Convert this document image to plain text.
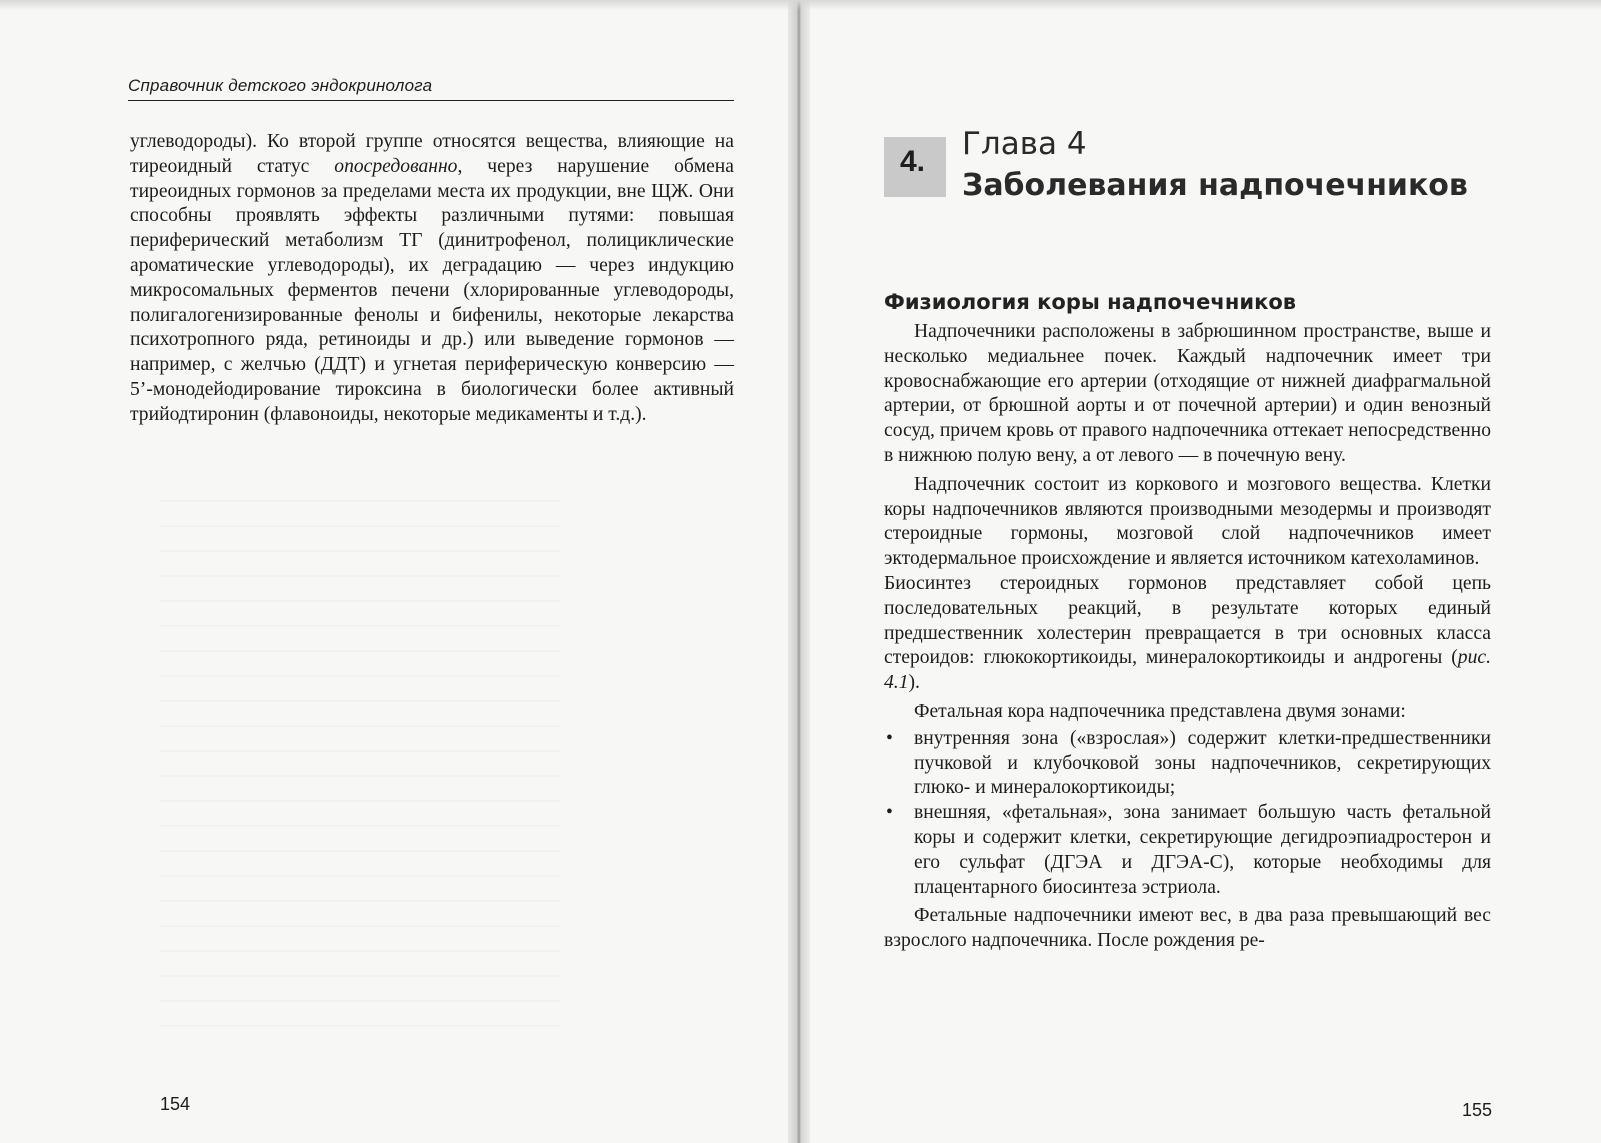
Справочник детского эндокринолога

углеводороды). Ко второй группе относятся вещества, влияющие на тиреоидный статус опосредованно, через нарушение обмена тиреоидных гормонов за пределами места их продукции, вне ЩЖ. Они способны проявлять эффекты различными путями: повышая периферический метаболизм ТГ (динитрофенол, полициклические ароматические углеводороды), их деградацию — через индукцию микросомальных ферментов печени (хлорированные углеводороды, полигалогенизированные фенолы и бифенилы, некоторые лекарства психотропного ряда, ретиноиды и др.) или выведение гормонов — например, с желчью (ДДТ) и угнетая периферическую конверсию — 5’-монодейодирование тироксина в биологически более активный трийодтиронин (флавоноиды, некоторые медикаменты и т.д.).

154
4. Глава 4
Заболевания надпочечников
Физиология коры надпочечников

Надпочечники расположены в забрюшинном пространстве, выше и несколько медиальнее почек. Каждый надпочечник имеет три кровоснабжающие его артерии (отходящие от нижней диафрагмальной артерии, от брюшной аорты и от почечной артерии) и один венозный сосуд, причем кровь от правого надпочечника оттекает непосредственно в нижнюю полую вену, а от левого — в почечную вену.

Надпочечник состоит из коркового и мозгового вещества. Клетки коры надпочечников являются производными мезодермы и производят стероидные гормоны, мозговой слой надпочечников имеет эктодермальное происхождение и является источником катехоламинов.

Биосинтез стероидных гормонов представляет собой цепь последовательных реакций, в результате которых единый предшественник холестерин превращается в три основных класса стероидов: глюкокортикоиды, минералокортикоиды и андрогены (рис. 4.1).

Фетальная кора надпочечника представлена двумя зонами:

• внутренняя зона («взрослая») содержит клетки-предшественники пучковой и клубочковой зоны надпочечников, секретирующих глюко- и минералокортикоиды;
• внешняя, «фетальная», зона занимает большую часть фетальной коры и содержит клетки, секретирующие дегидроэпиадростерон и его сульфат (ДГЭА и ДГЭА-С), которые необходимы для плацентарного биосинтеза эстриола.

Фетальные надпочечники имеют вес, в два раза превышающий вес взрослого надпочечника. После рождения ре-

155
